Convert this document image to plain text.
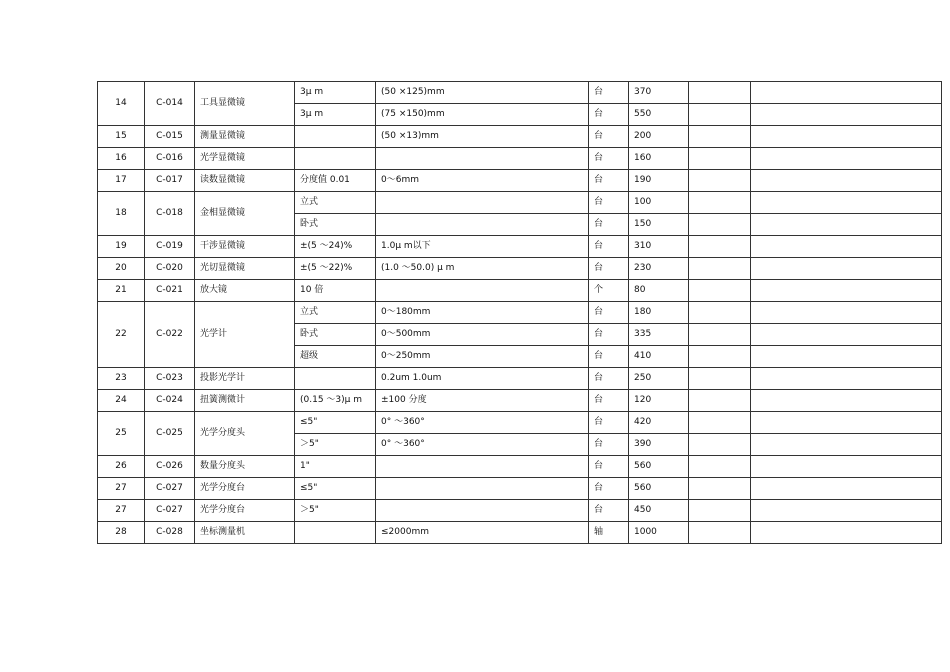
14	C-014	工具显微镜	3μ m	(50 ×125)mm	台	370		
			3μ m	(75 ×150)mm	台	550		
15	C-015	测量显微镜		(50 ×13)mm	台	200		
16	C-016	光学显微镜			台	160		
17	C-017	读数显微镜	分度值 0.01	0～6mm	台	190		
18	C-018	金相显微镜	立式		台	100		
			卧式		台	150		
19	C-019	干涉显微镜	±(5 ～24)%	1.0μ m以下	台	310		
20	C-020	光切显微镜	±(5 ～22)%	(1.0 ～50.0) μ m	台	230		
21	C-021	放大镜	10 倍		个	80		
22	C-022	光学计	立式	0～180mm	台	180		
			卧式	0～500mm	台	335		
			超级	0～250mm	台	410		
23	C-023	投影光学计		0.2um 1.0um	台	250		
24	C-024	扭簧测微计	(0.15 ～3)μ m	±100 分度	台	120		
25	C-025	光学分度头	≤5"	0° ～360°	台	420		
			＞5"	0° ～360°	台	390		
26	C-026	数量分度头	1"		台	560		
27	C-027	光学分度台	≤5"		台	560		
27	C-027	光学分度台	＞5"		台	450		
28	C-028	坐标测量机		≤2000mm	轴	1000		
